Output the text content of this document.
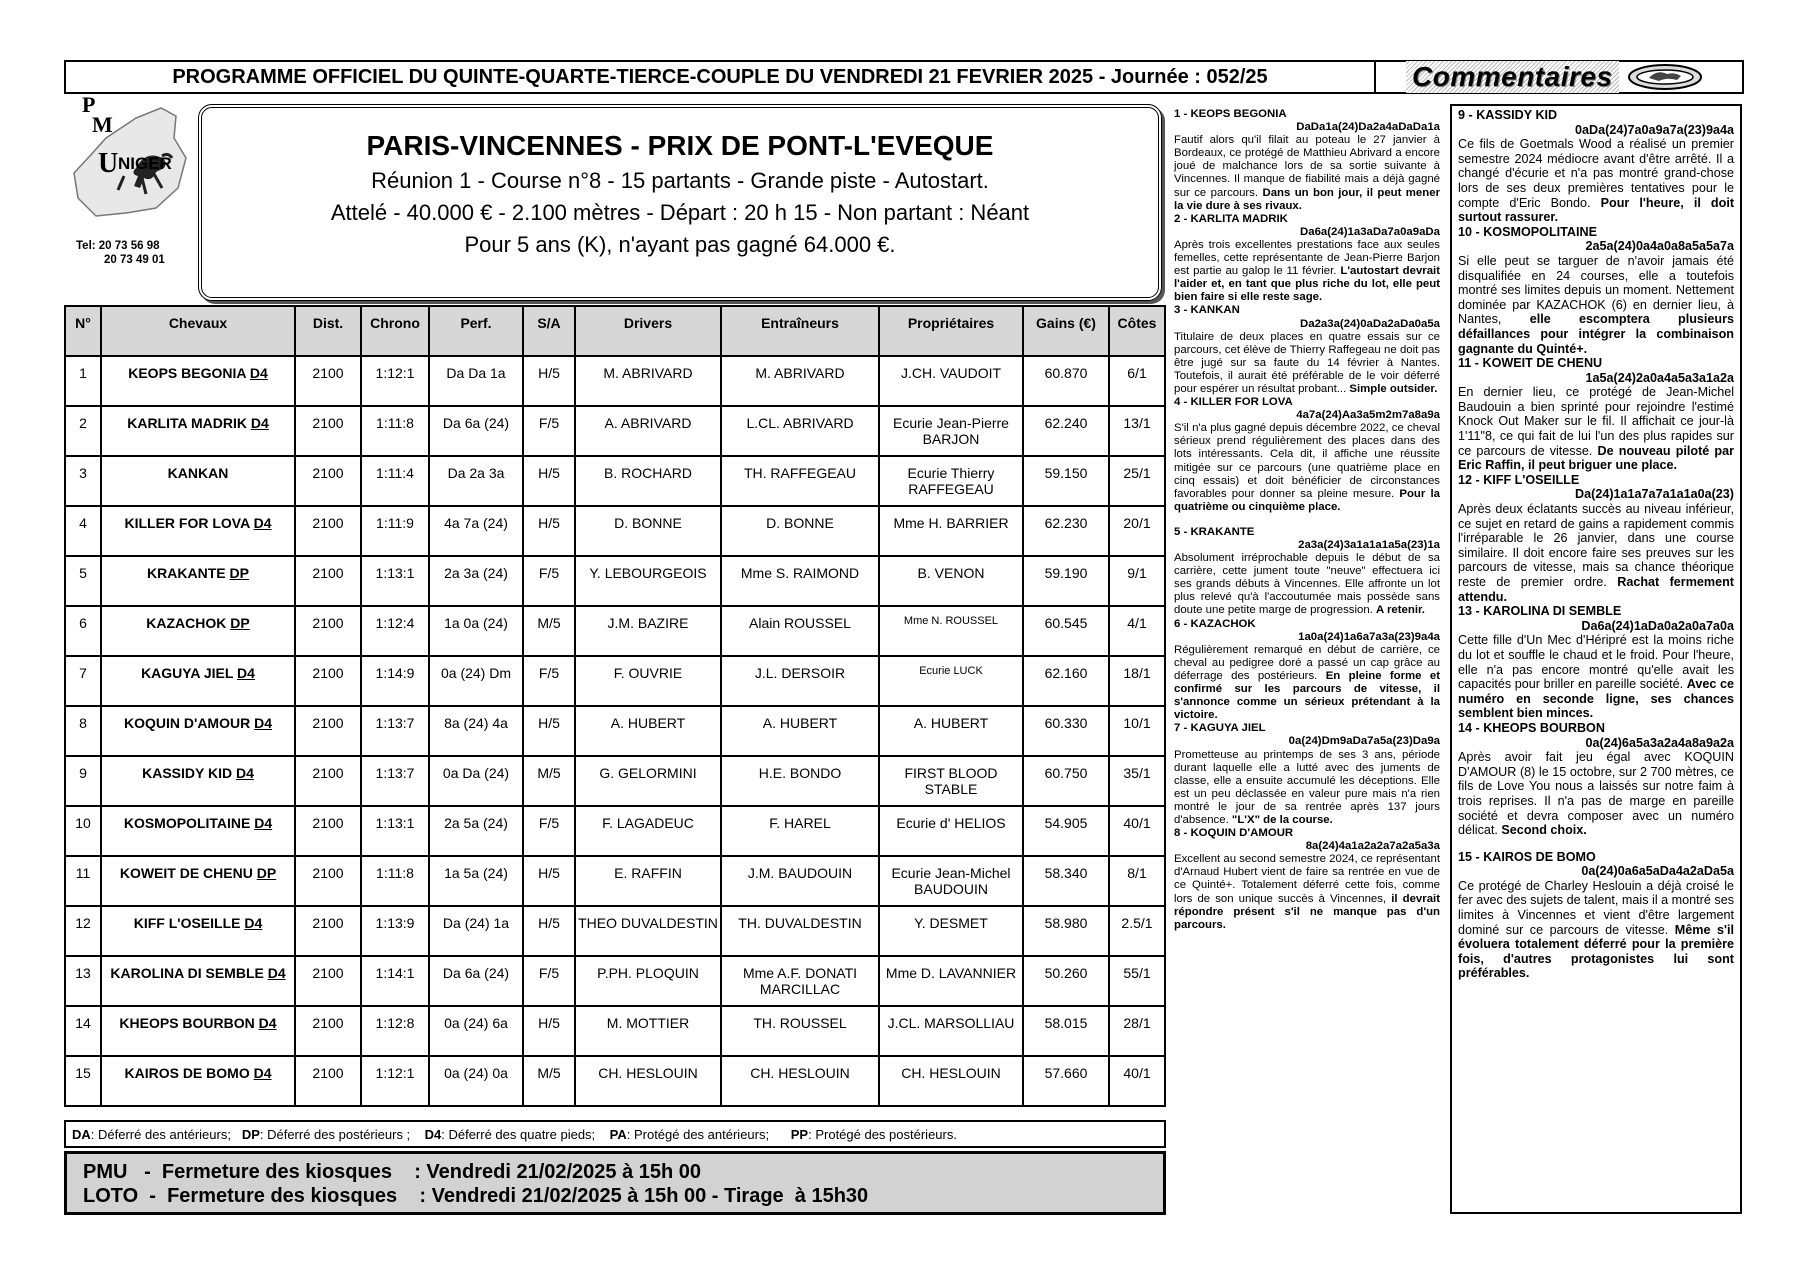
PROGRAMME OFFICIEL DU QUINTE-QUARTE-TIERCE-COUPLE DU VENDREDI 21 FEVRIER 2025 - Journée : 052/25	Commentaires
P
M
U NIGER
Tel: 20 73 56 98
20 73 49 01
PARIS-VINCENNES - PRIX DE PONT-L'EVEQUE
Réunion 1 - Course n°8 - 15 partants - Grande piste - Autostart.
Attelé - 40.000 € - 2.100 mètres - Départ : 20 h 15 - Non partant : Néant
Pour 5 ans (K), n'ayant pas gagné 64.000 €.
N°	Chevaux	Dist.	Chrono	Perf.	S/A	Drivers	Entraîneurs	Propriétaires	Gains (€)	Côtes
1	KEOPS BEGONIA D4	2100	1:12:1	Da Da 1a	H/5	M. ABRIVARD	M. ABRIVARD	J.CH. VAUDOIT	60.870	6/1
2	KARLITA MADRIK D4	2100	1:11:8	Da 6a (24)	F/5	A. ABRIVARD	L.CL. ABRIVARD	Ecurie Jean-Pierre BARJON	62.240	13/1
3	KANKAN	2100	1:11:4	Da 2a 3a	H/5	B. ROCHARD	TH. RAFFEGEAU	Ecurie Thierry RAFFEGEAU	59.150	25/1
4	KILLER FOR LOVA D4	2100	1:11:9	4a 7a (24)	H/5	D. BONNE	D. BONNE	Mme H. BARRIER	62.230	20/1
5	KRAKANTE DP	2100	1:13:1	2a 3a (24)	F/5	Y. LEBOURGEOIS	Mme S. RAIMOND	B. VENON	59.190	9/1
6	KAZACHOK DP	2100	1:12:4	1a 0a (24)	M/5	J.M. BAZIRE	Alain ROUSSEL	Mme N. ROUSSEL	60.545	4/1
7	KAGUYA JIEL D4	2100	1:14:9	0a (24) Dm	F/5	F. OUVRIE	J.L. DERSOIR	Ecurie LUCK	62.160	18/1
8	KOQUIN D'AMOUR D4	2100	1:13:7	8a (24) 4a	H/5	A. HUBERT	A. HUBERT	A. HUBERT	60.330	10/1
9	KASSIDY KID D4	2100	1:13:7	0a Da (24)	M/5	G. GELORMINI	H.E. BONDO	FIRST BLOOD STABLE	60.750	35/1
10	KOSMOPOLITAINE D4	2100	1:13:1	2a 5a (24)	F/5	F. LAGADEUC	F. HAREL	Ecurie d' HELIOS	54.905	40/1
11	KOWEIT DE CHENU DP	2100	1:11:8	1a 5a (24)	H/5	E. RAFFIN	J.M. BAUDOUIN	Ecurie Jean-Michel BAUDOUIN	58.340	8/1
12	KIFF L'OSEILLE D4	2100	1:13:9	Da (24) 1a	H/5	THEO DUVALDESTIN	TH. DUVALDESTIN	Y. DESMET	58.980	2.5/1
13	KAROLINA DI SEMBLE D4	2100	1:14:1	Da 6a (24)	F/5	P.PH. PLOQUIN	Mme A.F. DONATI MARCILLAC	Mme D. LAVANNIER	50.260	55/1
14	KHEOPS BOURBON D4	2100	1:12:8	0a (24) 6a	H/5	M. MOTTIER	TH. ROUSSEL	J.CL. MARSOLLIAU	58.015	28/1
15	KAIROS DE BOMO D4	2100	1:12:1	0a (24) 0a	M/5	CH. HESLOUIN	CH. HESLOUIN	CH. HESLOUIN	57.660	40/1
DA : Déferré des antérieurs;
DP : Déferré des postérieurs ;
D4 : Déferré des quatre pieds;
PA : Protégé des antérieurs;
PP : Protégé des postérieurs.
PMU   -  Fermeture des kiosques    : Vendredi 21/02/2025 à 15h 00
LOTO  -  Fermeture des kiosques    : Vendredi 21/02/2025 à 15h 00 - Tirage  à 15h30
1 - KEOPS BEGONIA
DaDa1a(24)Da2a4aDaDa1a
Fautif alors qu'il filait au poteau le 27 janvier à Bordeaux, ce protégé de Matthieu Abrivard a encore joué de malchance lors de sa sortie suivante à Vincennes. Il manque de fiabilité mais a déjà gagné sur ce parcours. Dans un bon jour, il peut mener la vie dure à ses rivaux.
2 - KARLITA MADRIK
Da6a(24)1a3aDa7a0a9aDa
Après trois excellentes prestations face aux seules femelles, cette représentante de Jean-Pierre Barjon est partie au galop le 11 février. L'autostart devrait l'aider et, en tant que plus riche du lot, elle peut bien faire si elle reste sage.
3 - KANKAN
Da2a3a(24)0aDa2aDa0a5a
Titulaire de deux places en quatre essais sur ce parcours, cet élève de Thierry Raffegeau ne doit pas être jugé sur sa faute du 14 février à Nantes. Toutefois, il aurait été préférable de le voir déferré pour espérer un résultat probant... Simple outsider.
4 - KILLER FOR LOVA
4a7a(24)Aa3a5m2m7a8a9a
S'il n'a plus gagné depuis décembre 2022, ce cheval sérieux prend régulièrement des places dans des lots intéressants. Cela dit, il affiche une réussite mitigée sur ce parcours (une quatrième place en cinq essais) et doit bénéficier de circonstances favorables pour donner sa pleine mesure. Pour la quatrième ou cinquième place.
5 - KRAKANTE
2a3a(24)3a1a1a1a5a(23)1a
Absolument irréprochable depuis le début de sa carrière, cette jument toute "neuve" effectuera ici ses grands débuts à Vincennes. Elle affronte un lot plus relevé qu'à l'accoutumée mais possède sans doute une petite marge de progression. A retenir.
6 - KAZACHOK
1a0a(24)1a6a7a3a(23)9a4a
Régulièrement remarqué en début de carrière, ce cheval au pedigree doré a passé un cap grâce au déferrage des postérieurs. En pleine forme et confirmé sur les parcours de vitesse, il s'annonce comme un sérieux prétendant à la victoire.
7 - KAGUYA JIEL
0a(24)Dm9aDa7a5a(23)Da9a
Prometteuse au printemps de ses 3 ans, période durant laquelle elle a lutté avec des juments de classe, elle a ensuite accumulé les déceptions. Elle est un peu déclassée en valeur pure mais n'a rien montré le jour de sa rentrée après 137 jours d'absence. "L'X" de la course.
8 - KOQUIN D'AMOUR
8a(24)4a1a2a2a7a2a5a3a
Excellent au second semestre 2024, ce représentant d'Arnaud Hubert vient de faire sa rentrée en vue de ce Quinté+. Totalement déferré cette fois, comme lors de son unique succès à Vincennes, il devrait répondre présent s'il ne manque pas d'un parcours.
9 - KASSIDY KID
0aDa(24)7a0a9a7a(23)9a4a
Ce fils de Goetmals Wood a réalisé un premier semestre 2024 médiocre avant d'être arrêté. Il a changé d'écurie et n'a pas montré grand-chose lors de ses deux premières tentatives pour le compte d'Eric Bondo. Pour l'heure, il doit surtout rassurer.
10 - KOSMOPOLITAINE
2a5a(24)0a4a0a8a5a5a7a
Si elle peut se targuer de n'avoir jamais été disqualifiée en 24 courses, elle a toutefois montré ses limites depuis un moment. Nettement dominée par KAZACHOK (6) en dernier lieu, à Nantes, elle escomptera plusieurs défaillances pour intégrer la combinaison gagnante du Quinté+.
11 - KOWEIT DE CHENU
1a5a(24)2a0a4a5a3a1a2a
En dernier lieu, ce protégé de Jean-Michel Baudouin a bien sprinté pour rejoindre l'estimé Knock Out Maker sur le fil. Il affichait ce jour-là 1'11"8, ce qui fait de lui l'un des plus rapides sur ce parcours de vitesse. De nouveau piloté par Eric Raffin, il peut briguer une place.
12 - KIFF L'OSEILLE
Da(24)1a1a7a7a1a1a0a(23)
Après deux éclatants succès au niveau inférieur, ce sujet en retard de gains a rapidement commis l'irréparable le 26 janvier, dans une course similaire. Il doit encore faire ses preuves sur les parcours de vitesse, mais sa chance théorique reste de premier ordre. Rachat fermement attendu.
13 - KAROLINA DI SEMBLE
Da6a(24)1aDa0a2a0a7a0a
Cette fille d'Un Mec d'Héripré est la moins riche du lot et souffle le chaud et le froid. Pour l'heure, elle n'a pas encore montré qu'elle avait les capacités pour briller en pareille société. Avec ce numéro en seconde ligne, ses chances semblent bien minces.
14 - KHEOPS BOURBON
0a(24)6a5a3a2a4a8a9a2a
Après avoir fait jeu égal avec KOQUIN D'AMOUR (8) le 15 octobre, sur 2 700 mètres, ce fils de Love You nous a laissés sur notre faim à trois reprises. Il n'a pas de marge en pareille société et devra composer avec un numéro délicat. Second choix.
15 - KAIROS DE BOMO
0a(24)0a6a5aDa4a2aDa5a
Ce protégé de Charley Heslouin a déjà croisé le fer avec des sujets de talent, mais il a montré ses limites à Vincennes et vient d'être largement dominé sur ce parcours de vitesse. Même s'il évoluera totalement déferré pour la première fois, d'autres protagonistes lui sont préférables.
